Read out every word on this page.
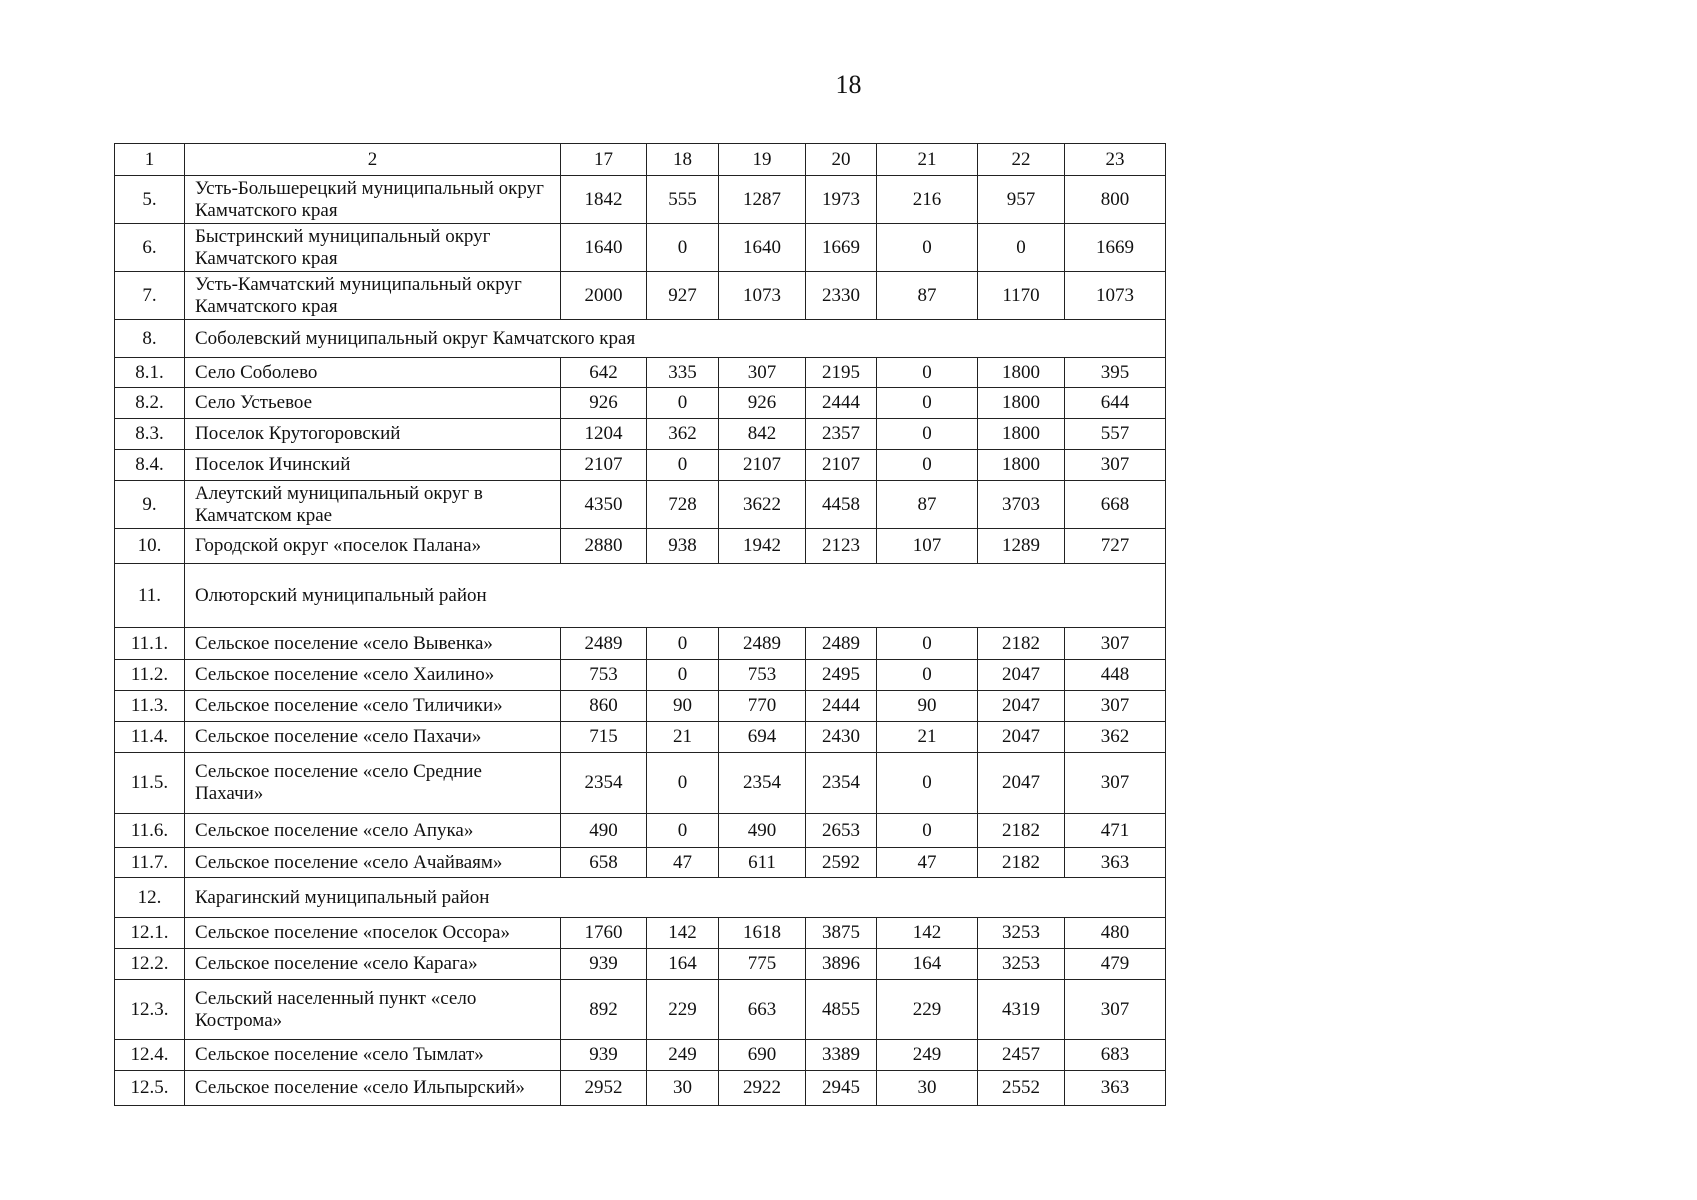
18
1	2	17	18	19	20	21	22	23
5.	Усть-Большерецкий муниципальный округ Камчатского края	1842	555	1287	1973	216	957	800
6.	Быстринский муниципальный округ Камчатского края	1640	0	1640	1669	0	0	1669
7.	Усть-Камчатский муниципальный округ Камчатского края	2000	927	1073	2330	87	1170	1073
8.	Соболевский муниципальный округ Камчатского края							
8.1.	Село Соболево	642	335	307	2195	0	1800	395
8.2.	Село Устьевое	926	0	926	2444	0	1800	644
8.3.	Поселок Крутогоровский	1204	362	842	2357	0	1800	557
8.4.	Поселок Ичинский	2107	0	2107	2107	0	1800	307
9.	Алеутский муниципальный округ в Камчатском крае	4350	728	3622	4458	87	3703	668
10.	Городской округ «поселок Палана»	2880	938	1942	2123	107	1289	727
11.	Олюторский муниципальный район							
11.1.	Сельское поселение «село Вывенка»	2489	0	2489	2489	0	2182	307
11.2.	Сельское поселение «село Хаилино»	753	0	753	2495	0	2047	448
11.3.	Сельское поселение «село Тиличики»	860	90	770	2444	90	2047	307
11.4.	Сельское поселение «село Пахачи»	715	21	694	2430	21	2047	362
11.5.	Сельское поселение «село Средние Пахачи»	2354	0	2354	2354	0	2047	307
11.6.	Сельское поселение «село Апука»	490	0	490	2653	0	2182	471
11.7.	Сельское поселение «село Ачайваям»	658	47	611	2592	47	2182	363
12.	Карагинский муниципальный район							
12.1.	Сельское поселение «поселок Оссора»	1760	142	1618	3875	142	3253	480
12.2.	Сельское поселение «село Карага»	939	164	775	3896	164	3253	479
12.3.	Сельский населенный пункт «село Кострома»	892	229	663	4855	229	4319	307
12.4.	Сельское поселение «село Тымлат»	939	249	690	3389	249	2457	683
12.5.	Сельское поселение «село Ильпырский»	2952	30	2922	2945	30	2552	363
